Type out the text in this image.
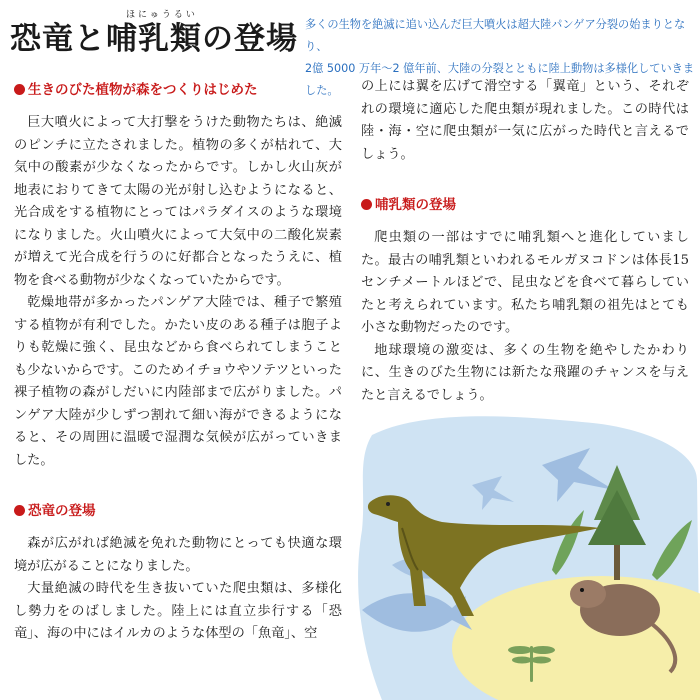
恐竜と哺乳類の登場
ほにゅうるい
多くの生物を絶滅に追い込んだ巨大噴火は超大陸パンゲア分裂の始まりとなり、
2億 5000 万年〜2 億年前、大陸の分裂とともに陸上動物は多様化していきました。
生きのびた植物が森をつくりはじめた

巨大噴火によって大打撃をうけた動物たちは、絶滅のピンチに立たされました。植物の多くが枯れて、大気中の酸素が少なくなったからです。しかし火山灰が地表におりてきて太陽の光が射し込むようになると、光合成をする植物にとってはパラダイスのような環境になりました。火山噴火によって大気中の二酸化炭素が増えて光合成を行うのに好都合となったうえに、植物を食べる動物が少なくなっていたからです。

乾燥地帯が多かったパンゲア大陸では、種子で繁殖する植物が有利でした。かたい皮のある種子は胞子よりも乾燥に強く、昆虫などから食べられてしまうことも少ないからです。このためイチョウやソテツといった裸子植物の森がしだいに内陸部まで広がりました。パンゲア大陸が少しずつ割れて細い海ができるようになると、その周囲に温暖で湿潤な気候が広がっていきました。

恐竜の登場

森が広がれば絶滅を免れた動物にとっても快適な環境が広がることになりました。

大量絶滅の時代を生き抜いていた爬虫類は、多様化し勢力をのばしました。陸上には直立歩行する「恐竜」、海の中にはイルカのような体型の「魚竜」、空

の上には翼を広げて滑空する「翼竜」という、それぞれの環境に適応した爬虫類が現れました。この時代は陸・海・空に爬虫類が一気に広がった時代と言えるでしょう。

哺乳類の登場

爬虫類の一部はすでに哺乳類へと進化していました。最古の哺乳類といわれるモルガヌコドンは体長15センチメートルほどで、昆虫などを食べて暮らしていたと考えられています。私たち哺乳類の祖先はとても小さな動物だったのです。

地球環境の激変は、多くの生物を絶やしたかわりに、生きのびた生物には新たな飛躍のチャンスを与えたと言えるでしょう。
